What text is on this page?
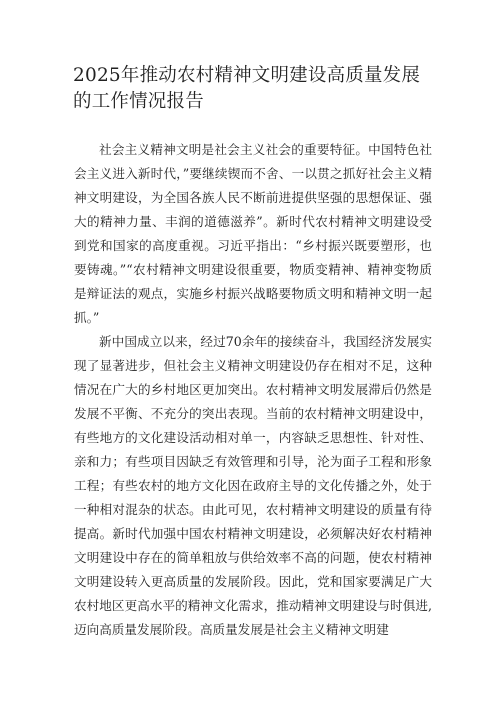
2025年推动农村精神文明建设高质量发展的工作情况报告

社会主义精神文明是社会主义社会的重要特征。中国特色社会主义进入新时代，”要继续锲而不舍、一以贯之抓好社会主义精神文明建设，为全国各族人民不断前进提供坚强的思想保证、强大的精神力量、丰润的道德滋养”。新时代农村精神文明建设受到党和国家的高度重视。习近平指出：“乡村振兴既要塑形，也要铸魂。”“农村精神文明建设很重要，物质变精神、精神变物质是辩证法的观点，实施乡村振兴战略要物质文明和精神文明一起抓。”

新中国成立以来，经过70余年的接续奋斗，我国经济发展实现了显著进步，但社会主义精神文明建设仍存在相对不足，这种情况在广大的乡村地区更加突出。农村精神文明发展滞后仍然是发展不平衡、不充分的突出表现。当前的农村精神文明建设中，有些地方的文化建设活动相对单一，内容缺乏思想性、针对性、亲和力；有些项目因缺乏有效管理和引导，沦为面子工程和形象工程；有些农村的地方文化因在政府主导的文化传播之外，处于一种相对混杂的状态。由此可见，农村精神文明建设的质量有待提高。新时代加强中国农村精神文明建设，必须解决好农村精神文明建设中存在的简单粗放与供给效率不高的问题，使农村精神文明建设转入更高质量的发展阶段。因此，党和国家要满足广大农村地区更高水平的精神文化需求，推动精神文明建设与时俱进,迈向高质量发展阶段。高质量发展是社会主义精神文明建
